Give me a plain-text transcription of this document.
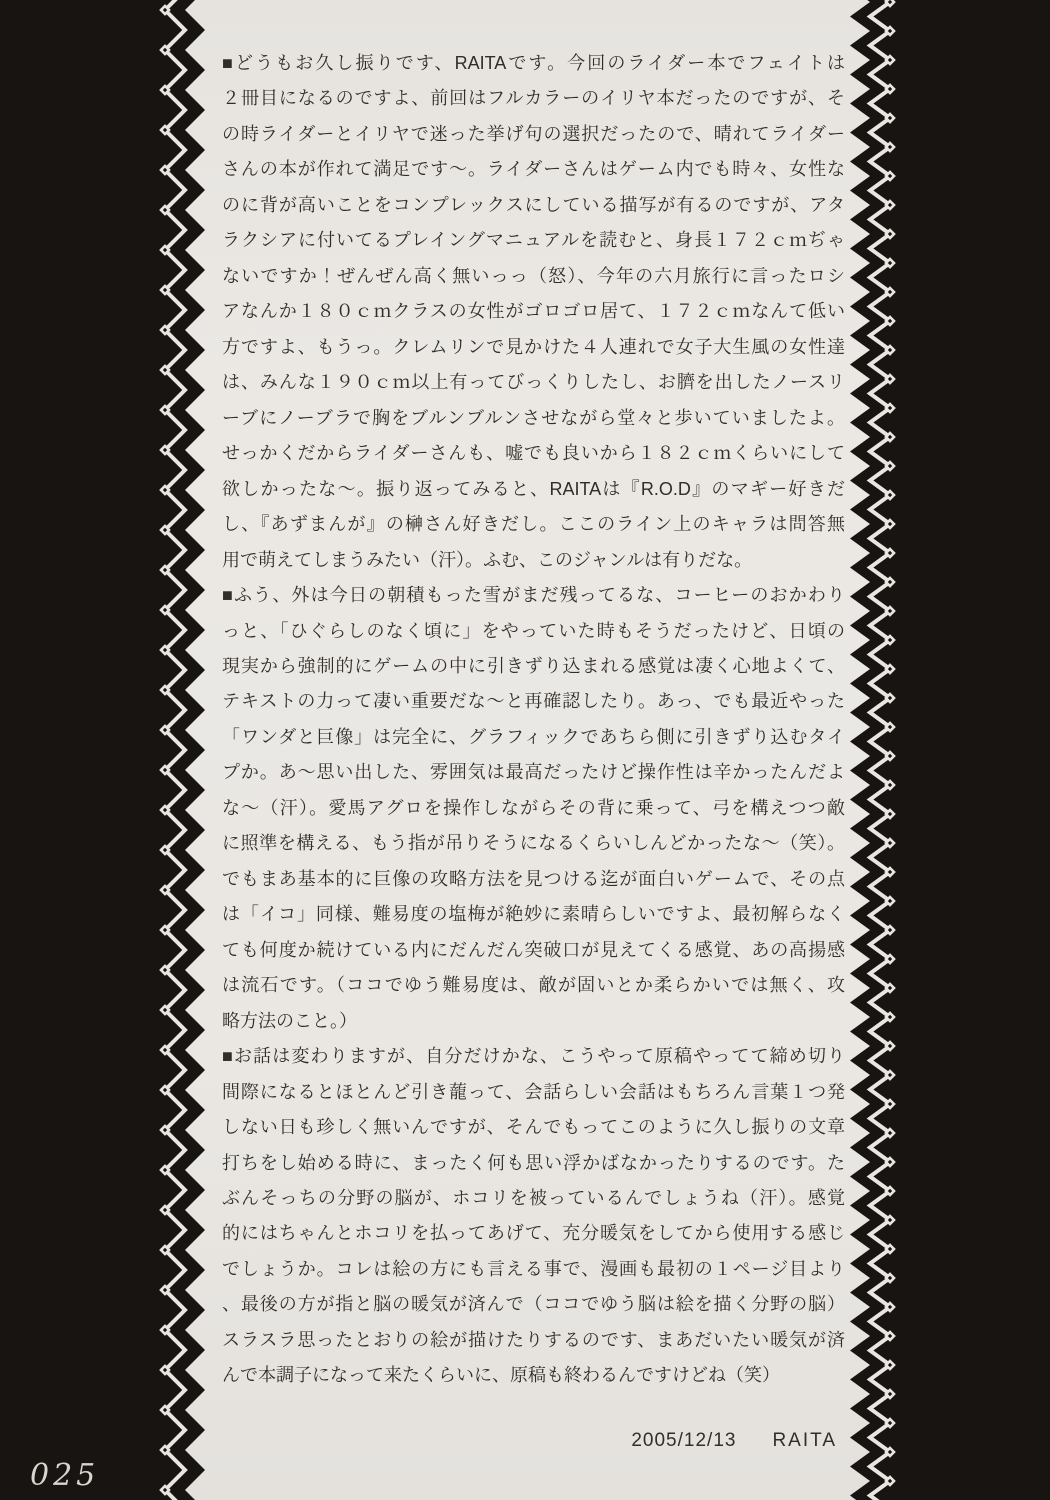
■どうもお久し振りです、RAITAです。今回のライダー本でフェイトは
２冊目になるのですよ、前回はフルカラーのイリヤ本だったのですが、そ
の時ライダーとイリヤで迷った挙げ句の選択だったので、晴れてライダー
さんの本が作れて満足です～。ライダーさんはゲーム内でも時々、女性な
のに背が高いことをコンプレックスにしている描写が有るのですが、アタ
ラクシアに付いてるプレイングマニュアルを読むと、身長１７２ｃｍぢゃ
ないですか！ぜんぜん高く無いっっ（怒）、今年の六月旅行に言ったロシ
アなんか１８０ｃｍクラスの女性がゴロゴロ居て、１７２ｃｍなんて低い
方ですよ、もうっ。クレムリンで見かけた４人連れで女子大生風の女性達
は、みんな１９０ｃｍ以上有ってびっくりしたし、お臍を出したノースリ
ーブにノーブラで胸をブルンブルンさせながら堂々と歩いていましたよ。
せっかくだからライダーさんも、嘘でも良いから１８２ｃｍくらいにして
欲しかったな～。振り返ってみると、RAITAは『R.O.D』のマギー好きだ
し、『あずまんが』の榊さん好きだし。ここのライン上のキャラは問答無
用で萌えてしまうみたい（汗）。ふむ、このジャンルは有りだな。
■ふう、外は今日の朝積もった雪がまだ残ってるな、コーヒーのおかわり
っと、「ひぐらしのなく頃に」をやっていた時もそうだったけど、日頃の
現実から強制的にゲームの中に引きずり込まれる感覚は凄く心地よくて、
テキストの力って凄い重要だな～と再確認したり。あっ、でも最近やった
「ワンダと巨像」は完全に、グラフィックであちら側に引きずり込むタイ
プか。あ～思い出した、雰囲気は最高だったけど操作性は辛かったんだよ
な～（汗）。愛馬アグロを操作しながらその背に乗って、弓を構えつつ敵
に照準を構える、もう指が吊りそうになるくらいしんどかったな～（笑）。
でもまあ基本的に巨像の攻略方法を見つける迄が面白いゲームで、その点
は「イコ」同様、難易度の塩梅が絶妙に素晴らしいですよ、最初解らなく
ても何度か続けている内にだんだん突破口が見えてくる感覚、あの高揚感
は流石です。（ココでゆう難易度は、敵が固いとか柔らかいでは無く、攻
略方法のこと。）
■お話は変わりますが、自分だけかな、こうやって原稿やってて締め切り
間際になるとほとんど引き蘢って、会話らしい会話はもちろん言葉１つ発
しない日も珍しく無いんですが、そんでもってこのように久し振りの文章
打ちをし始める時に、まったく何も思い浮かばなかったりするのです。た
ぶんそっちの分野の脳が、ホコリを被っているんでしょうね（汗）。感覚
的にはちゃんとホコリを払ってあげて、充分暖気をしてから使用する感じ
でしょうか。コレは絵の方にも言える事で、漫画も最初の１ページ目より
、最後の方が指と脳の暖気が済んで（ココでゆう脳は絵を描く分野の脳）
スラスラ思ったとおりの絵が描けたりするのです、まあだいたい暖気が済
んで本調子になって来たくらいに、原稿も終わるんですけどね（笑）
2005/12/13 RAITA
025
